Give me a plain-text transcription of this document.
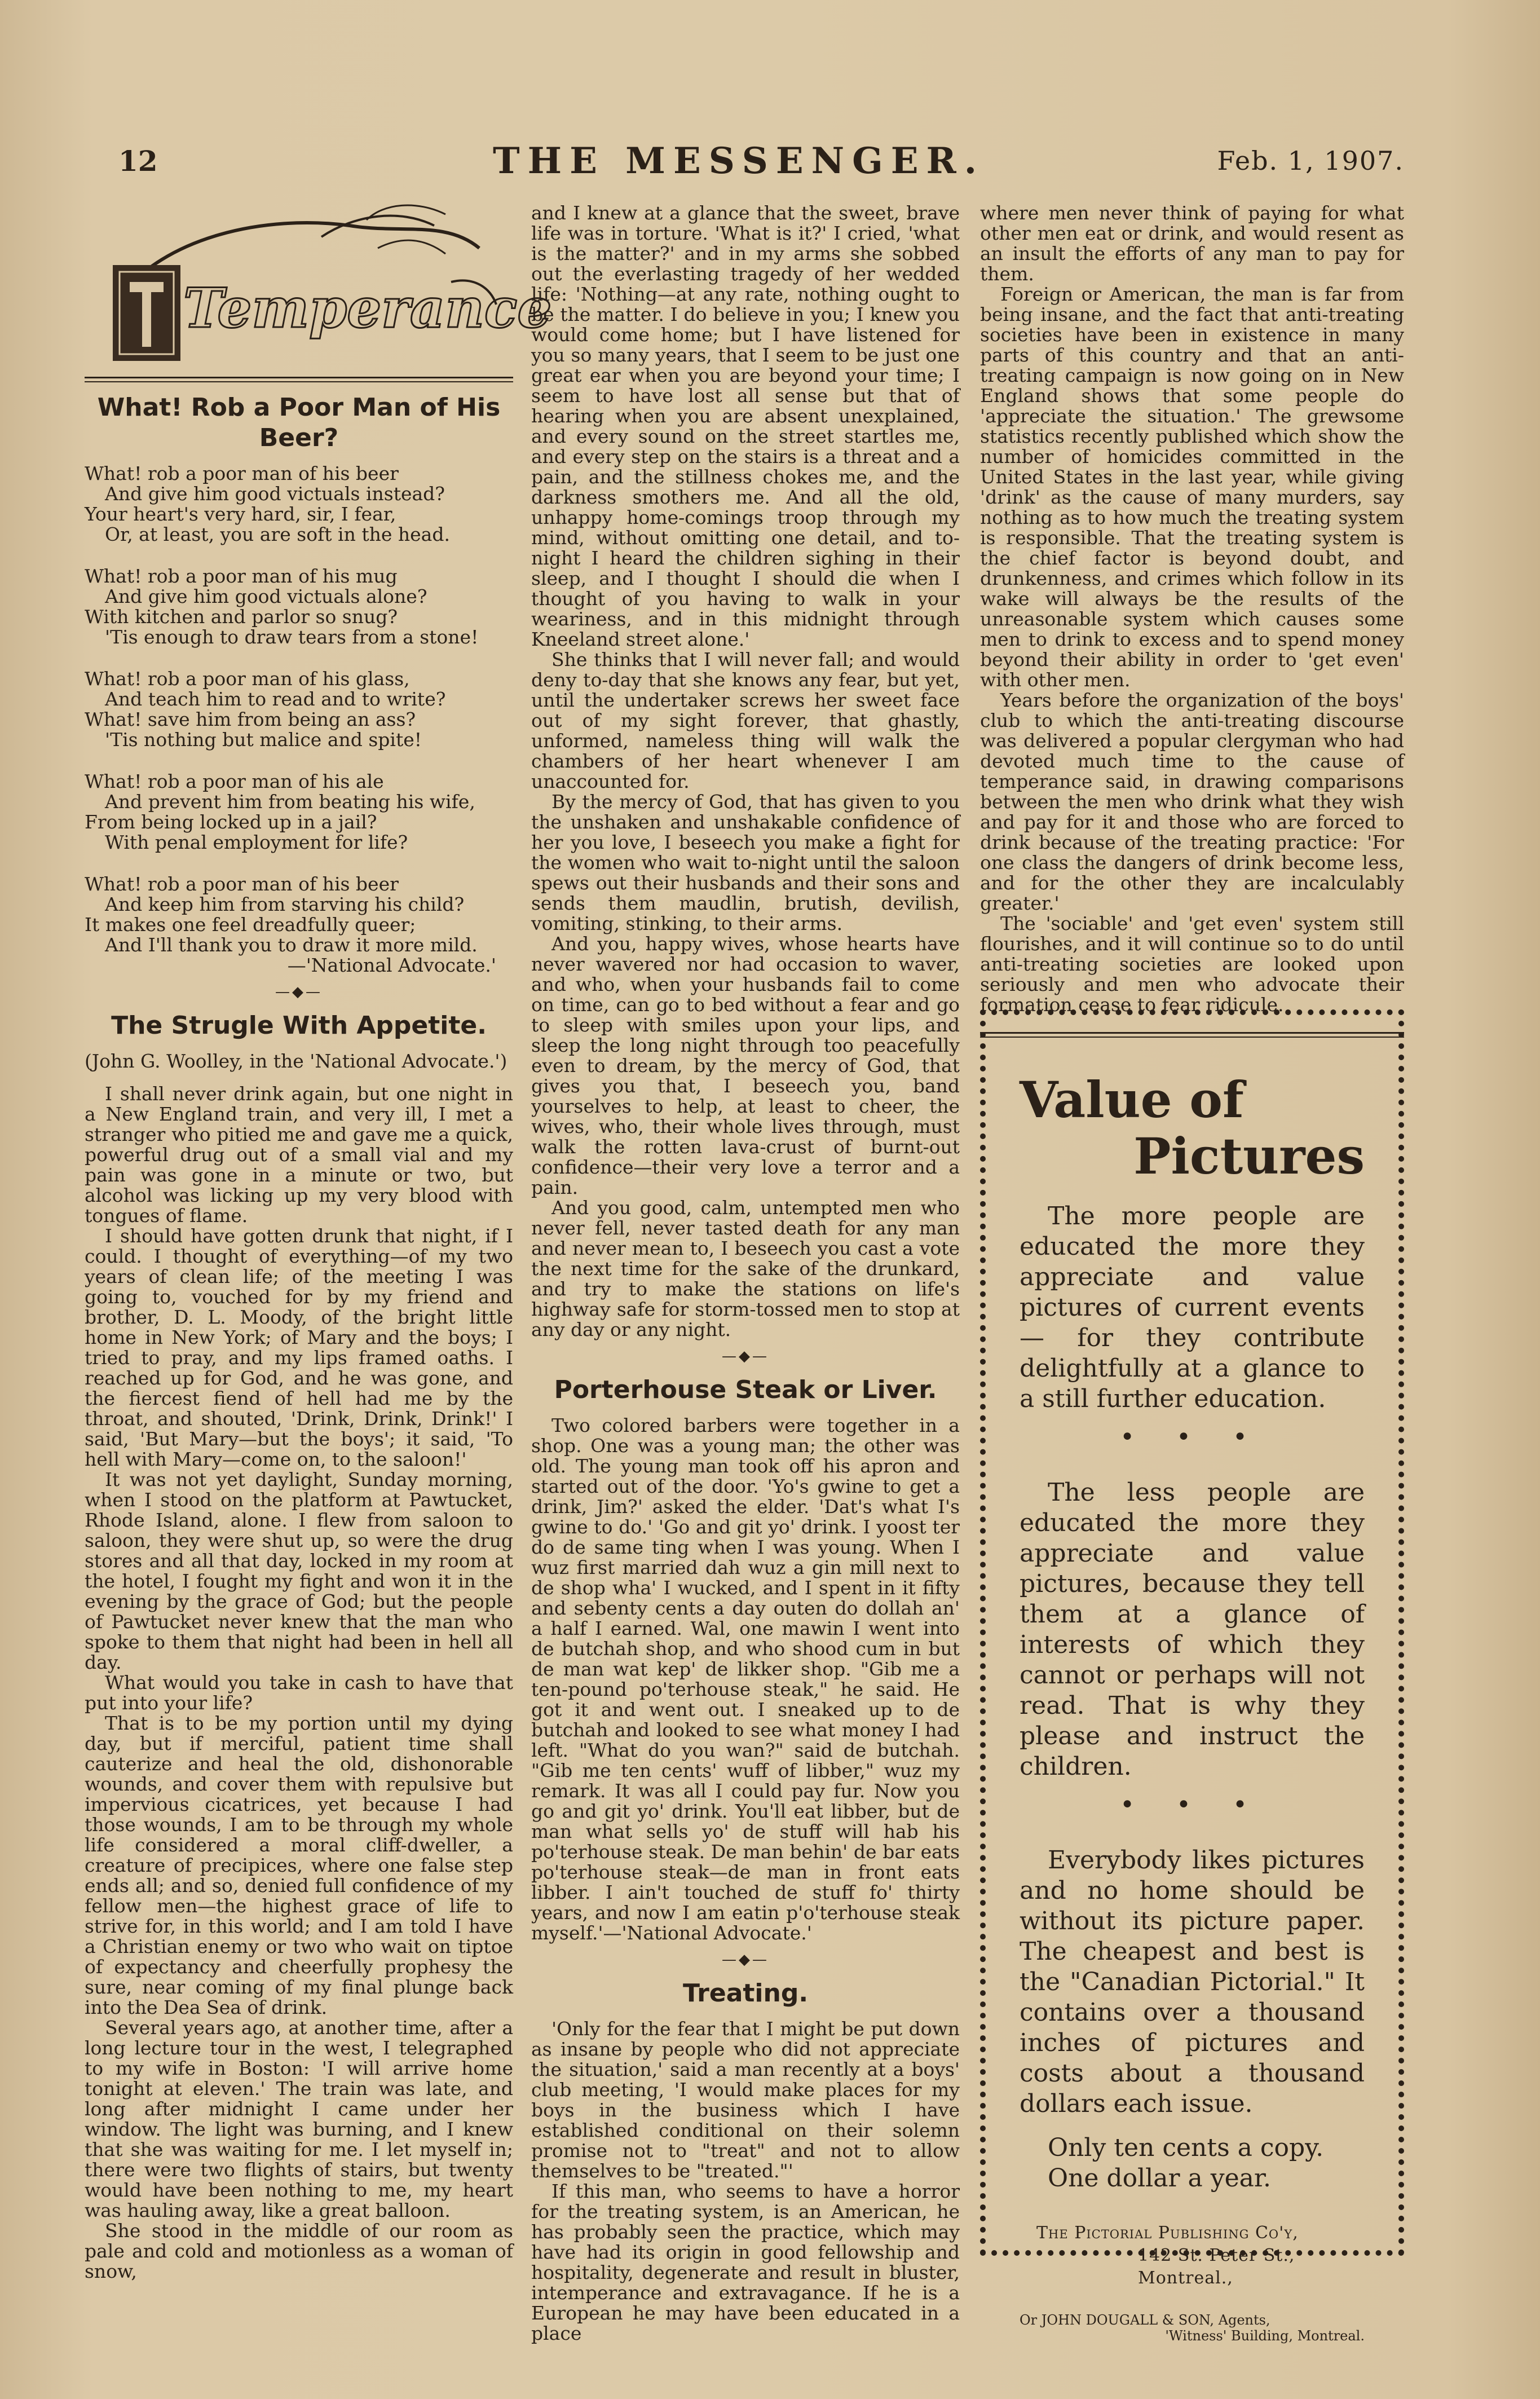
12	THE MESSENGER.	Feb. 1, 1907.
Temperance
What! Rob a Poor Man of His Beer?
What! rob a poor man of his beer
And give him good victuals instead?
Your heart's very hard, sir, I fear,
Or, at least, you are soft in the head.
What! rob a poor man of his mug
And give him good victuals alone?
With kitchen and parlor so snug?
'Tis enough to draw tears from a stone!
What! rob a poor man of his glass,
And teach him to read and to write?
What! save him from being an ass?
'Tis nothing but malice and spite!
What! rob a poor man of his ale
And prevent him from beating his wife,
From being locked up in a jail?
With penal employment for life?
What! rob a poor man of his beer
And keep him from starving his child?
It makes one feel dreadfully queer;
And I'll thank you to draw it more mild.
—'National Advocate.'
—◆—
The Strugle With Appetite.

(John G. Woolley, in the 'National Advocate.')

I shall never drink again, but one night in a New England train, and very ill, I met a stranger who pitied me and gave me a quick, powerful drug out of a small vial and my pain was gone in a minute or two, but alcohol was licking up my very blood with tongues of flame.

I should have gotten drunk that night, if I could. I thought of everything—of my two years of clean life; of the meeting I was going to, vouched for by my friend and brother, D. L. Moody, of the bright little home in New York; of Mary and the boys; I tried to pray, and my lips framed oaths. I reached up for God, and he was gone, and the fiercest fiend of hell had me by the throat, and shouted, 'Drink, Drink, Drink!' I said, 'But Mary—but the boys'; it said, 'To hell with Mary—come on, to the saloon!'

It was not yet daylight, Sunday morning, when I stood on the platform at Pawtucket, Rhode Island, alone. I flew from saloon to saloon, they were shut up, so were the drug stores and all that day, locked in my room at the hotel, I fought my fight and won it in the evening by the grace of God; but the people of Pawtucket never knew that the man who spoke to them that night had been in hell all day.

What would you take in cash to have that put into your life?

That is to be my portion until my dying day, but if merciful, patient time shall cauterize and heal the old, dishonorable wounds, and cover them with repulsive but impervious cicatrices, yet because I had those wounds, I am to be through my whole life considered a moral cliff-dweller, a creature of precipices, where one false step ends all; and so, denied full confidence of my fellow men—the highest grace of life to strive for, in this world; and I am told I have a Christian enemy or two who wait on tiptoe of expectancy and cheerfully prophesy the sure, near coming of my final plunge back into the Dea Sea of drink.

Several years ago, at another time, after a long lecture tour in the west, I telegraphed to my wife in Boston: 'I will arrive home tonight at eleven.' The train was late, and long after midnight I came under her window. The light was burning, and I knew that she was waiting for me. I let myself in; there were two flights of stairs, but twenty would have been nothing to me, my heart was hauling away, like a great balloon.

She stood in the middle of our room as pale and cold and motionless as a woman of snow,

and I knew at a glance that the sweet, brave life was in torture. 'What is it?' I cried, 'what is the matter?' and in my arms she sobbed out the everlasting tragedy of her wedded life: 'Nothing—at any rate, nothing ought to be the matter. I do believe in you; I knew you would come home; but I have listened for you so many years, that I seem to be just one great ear when you are beyond your time; I seem to have lost all sense but that of hearing when you are absent unexplained, and every sound on the street startles me, and every step on the stairs is a threat and a pain, and the stillness chokes me, and the darkness smothers me. And all the old, unhappy home-comings troop through my mind, without omitting one detail, and to-night I heard the children sighing in their sleep, and I thought I should die when I thought of you having to walk in your weariness, and in this midnight through Kneeland street alone.'

She thinks that I will never fall; and would deny to-day that she knows any fear, but yet, until the undertaker screws her sweet face out of my sight forever, that ghastly, unformed, nameless thing will walk the chambers of her heart whenever I am unaccounted for.

By the mercy of God, that has given to you the unshaken and unshakable confidence of her you love, I beseech you make a fight for the women who wait to-night until the saloon spews out their husbands and their sons and sends them maudlin, brutish, devilish, vomiting, stinking, to their arms.

And you, happy wives, whose hearts have never wavered nor had occasion to waver, and who, when your husbands fail to come on time, can go to bed without a fear and go to sleep with smiles upon your lips, and sleep the long night through too peacefully even to dream, by the mercy of God, that gives you that, I beseech you, band yourselves to help, at least to cheer, the wives, who, their whole lives through, must walk the rotten lava-crust of burnt-out confidence—their very love a terror and a pain.

And you good, calm, untempted men who never fell, never tasted death for any man and never mean to, I beseech you cast a vote the next time for the sake of the drunkard, and try to make the stations on life's highway safe for storm-tossed men to stop at any day or any night.

—◆—
Porterhouse Steak or Liver.

Two colored barbers were together in a shop. One was a young man; the other was old. The young man took off his apron and started out of the door. 'Yo's gwine to get a drink, Jim?' asked the elder. 'Dat's what I's gwine to do.' 'Go and git yo' drink. I yoost ter do de same ting when I was young. When I wuz first married dah wuz a gin mill next to de shop wha' I wucked, and I spent in it fifty and sebenty cents a day outen do dollah an' a half I earned. Wal, one mawin I went into de butchah shop, and who shood cum in but de man wat kep' de likker shop. "Gib me a ten-pound po'terhouse steak," he said. He got it and went out. I sneaked up to de butchah and looked to see what money I had left. "What do you wan?" said de butchah. "Gib me ten cents' wuff of libber," wuz my remark. It was all I could pay fur. Now you go and git yo' drink. You'll eat libber, but de man what sells yo' de stuff will hab his po'terhouse steak. De man behin' de bar eats po'terhouse steak—de man in front eats libber. I ain't touched de stuff fo' thirty years, and now I am eatin p'o'terhouse steak myself.'—'National Advocate.'

—◆—
Treating.

'Only for the fear that I might be put down as insane by people who did not appreciate the situation,' said a man recently at a boys' club meeting, 'I would make places for my boys in the business which I have established conditional on their solemn promise not to "treat" and not to allow themselves to be "treated."'

If this man, who seems to have a horror for the treating system, is an American, he has probably seen the practice, which may have had its origin in good fellowship and hospitality, degenerate and result in bluster, intemperance and extravagance. If he is a European he may have been educated in a place

where men never think of paying for what other men eat or drink, and would resent as an insult the efforts of any man to pay for them.

Foreign or American, the man is far from being insane, and the fact that anti-treating societies have been in existence in many parts of this country and that an anti-treating campaign is now going on in New England shows that some people do 'appreciate the situation.' The grewsome statistics recently published which show the number of homicides committed in the United States in the last year, while giving 'drink' as the cause of many murders, say nothing as to how much the treating system is responsible. That the treating system is the chief factor is beyond doubt, and drunkenness, and crimes which follow in its wake will always be the results of the unreasonable system which causes some men to drink to excess and to spend money beyond their ability in order to 'get even' with other men.

Years before the organization of the boys' club to which the anti-treating discourse was delivered a popular clergyman who had devoted much time to the cause of temperance said, in drawing comparisons between the men who drink what they wish and pay for it and those who are forced to drink because of the treating practice: 'For one class the dangers of drink become less, and for the other they are incalculably greater.'

The 'sociable' and 'get even' system still flourishes, and it will continue so to do until anti-treating societies are looked upon seriously and men who advocate their formation cease to fear ridicule.

Value of
Pictures

The more people are educated the more they appreciate and value pictures of current events — for they contribute delightfully at a glance to a still further education.

• • •

The less people are educated the more they appreciate and value pictures, because they tell them at a glance of interests of which they cannot or perhaps will not read. That is why they please and instruct the children.

• • •

Everybody likes pictures and no home should be without its picture paper. The cheapest and best is the "Canadian Pictorial." It contains over a thousand inches of pictures and costs about a thousand dollars each issue.

Only ten cents a copy.
One dollar a year.
The Pictorial Publishing Co'y,
142 St. Peter St., Montreal.,
Or JOHN DOUGALL & SON, Agents,
'Witness' Building, Montreal.
